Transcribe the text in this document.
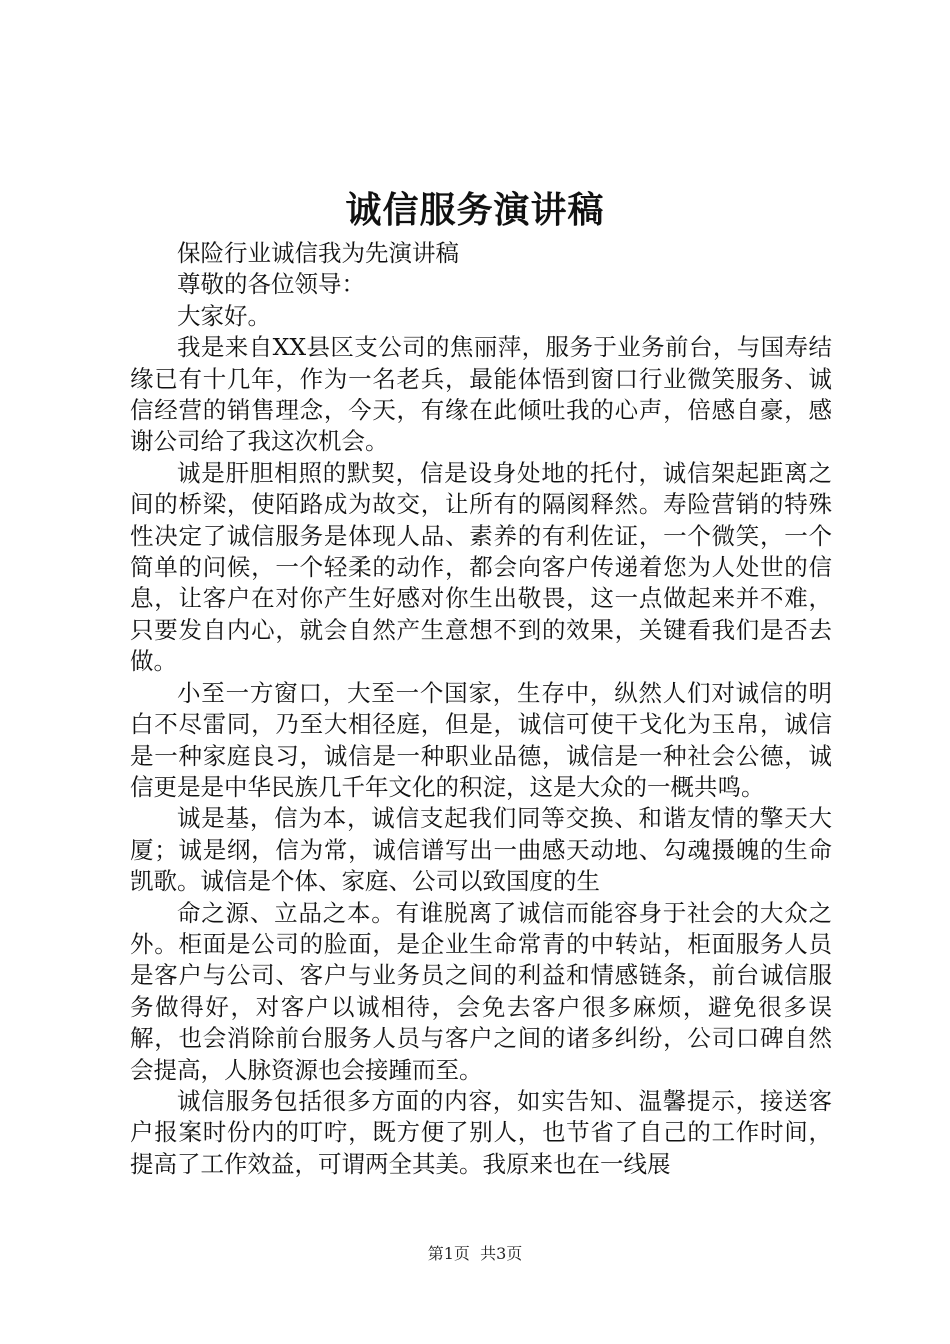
诚信服务演讲稿

保险行业诚信我为先演讲稿

尊敬的各位领导：

大家好。

我是来自XX县区支公司的焦丽萍，服务于业务前台，与国寿结缘已有十几年，作为一名老兵，最能体悟到窗口行业微笑服务、诚信经营的销售理念，今天，有缘在此倾吐我的心声，倍感自豪，感谢公司给了我这次机会。

诚是肝胆相照的默契，信是设身处地的托付，诚信架起距离之间的桥梁，使陌路成为故交，让所有的隔阂释然。寿险营销的特殊性决定了诚信服务是体现人品、素养的有利佐证，一个微笑，一个简单的问候，一个轻柔的动作，都会向客户传递着您为人处世的信息，让客户在对你产生好感对你生出敬畏，这一点做起来并不难，只要发自内心，就会自然产生意想不到的效果，关键看我们是否去做。

小至一方窗口，大至一个国家，生存中，纵然人们对诚信的明白不尽雷同，乃至大相径庭，但是，诚信可使干戈化为玉帛，诚信是一种家庭良习，诚信是一种职业品德，诚信是一种社会公德，诚信更是是中华民族几千年文化的积淀，这是大众的一概共鸣。

诚是基，信为本，诚信支起我们同等交换、和谐友情的擎天大厦；诚是纲，信为常，诚信谱写出一曲感天动地、勾魂摄魄的生命凯歌。诚信是个体、家庭、公司以致国度的生

命之源、立品之本。有谁脱离了诚信而能容身于社会的大众之外。柜面是公司的脸面，是企业生命常青的中转站，柜面服务人员是客户与公司、客户与业务员之间的利益和情感链条，前台诚信服务做得好，对客户以诚相待，会免去客户很多麻烦，避免很多误解，也会消除前台服务人员与客户之间的诸多纠纷，公司口碑自然会提高，人脉资源也会接踵而至。

诚信服务包括很多方面的内容，如实告知、温馨提示，接送客户报案时份内的叮咛，既方便了别人，也节省了自己的工作时间，提高了工作效益，可谓两全其美。我原来也在一线展

第1页 共3页
